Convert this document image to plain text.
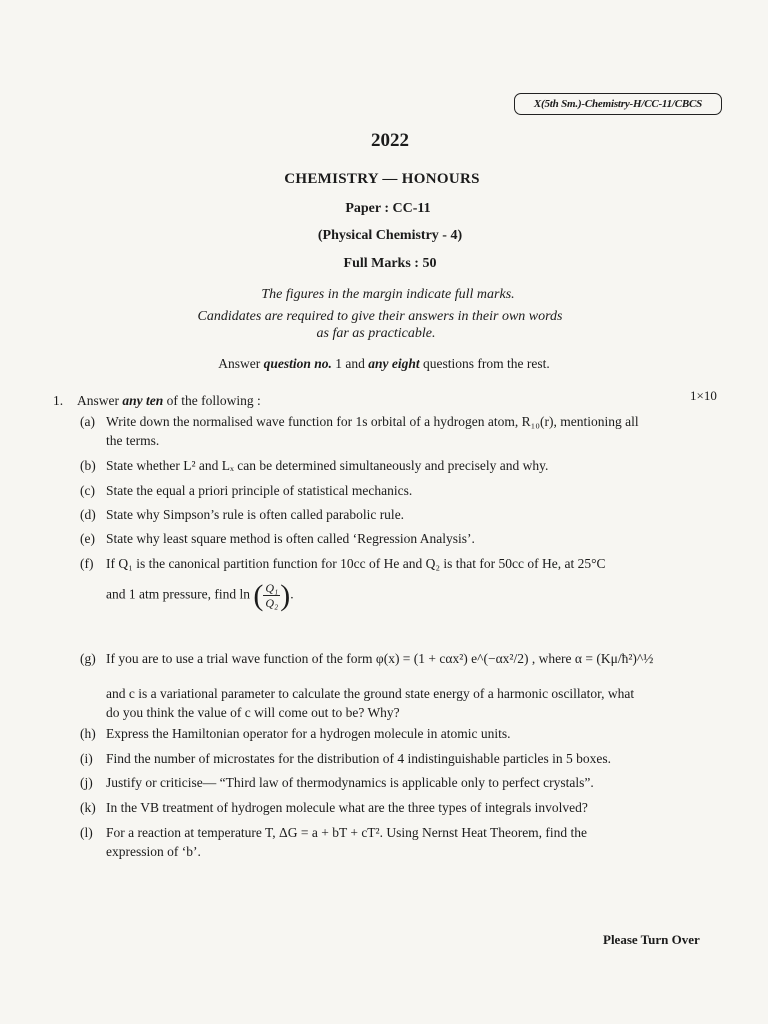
X(5th Sm.)-Chemistry-H/CC-11/CBCS
2022
CHEMISTRY — HONOURS
Paper : CC-11
(Physical Chemistry - 4)
Full Marks : 50
The figures in the margin indicate full marks.
Candidates are required to give their answers in their own words
as far as practicable.
Answer question no. 1 and any eight questions from the rest.
1. Answer any ten of the following :	1×10
(a) Write down the normalised wave function for 1s orbital of a hydrogen atom, R₁₀(r), mentioning all
the terms.
(b) State whether L² and Lₓ can be determined simultaneously and precisely and why.
(c) State the equal a priori principle of statistical mechanics.
(d) State why Simpson’s rule is often called parabolic rule.
(e) State why least square method is often called ‘Regression Analysis’.
(f) If Q₁ is the canonical partition function for 10cc of He and Q₂ is that for 50cc of He, at 25°C
and 1 atm pressure, find ln ( $\frac{\text{Q₁}}{\text{Q₂}}$ ).
(g) If you are to use a trial wave function of the form φ(x) = (1 + cαx²) e^(−αx²/2) , where α = (Kμ/ħ²)^½
and c is a variational parameter to calculate the ground state energy of a harmonic oscillator, what
do you think the value of c will come out to be? Why?
(h) Express the Hamiltonian operator for a hydrogen molecule in atomic units.
(i) Find the number of microstates for the distribution of 4 indistinguishable particles in 5 boxes.
(j) Justify or criticise— “Third law of thermodynamics is applicable only to perfect crystals”.
(k) In the VB treatment of hydrogen molecule what are the three types of integrals involved?
(l) For a reaction at temperature T, ΔG = a + bT + cT². Using Nernst Heat Theorem, find the
expression of ‘b’.
Please Turn Over
